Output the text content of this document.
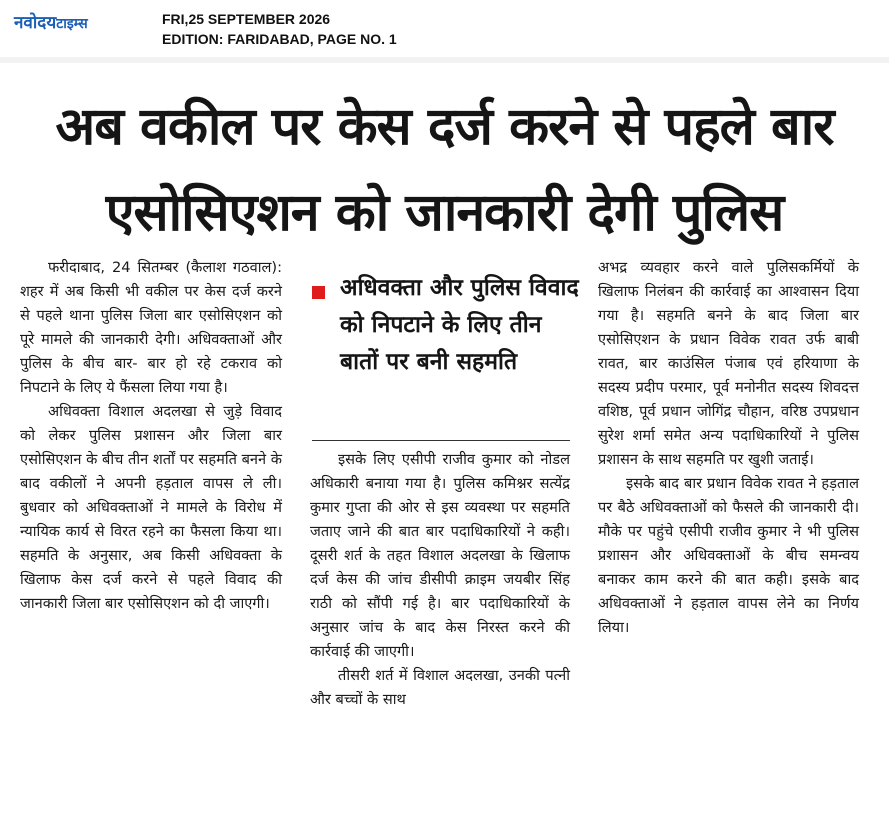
नवोदयटाइम्स	FRI,25 SEPTEMBER 2026
EDITION: FARIDABAD, PAGE NO. 1
अब वकील पर केस दर्ज करने से पहले बार
एसोसिएशन को जानकारी देगी पुलिस

फरीदाबाद, 24 सितम्बर (कैलाश गठवाल): शहर में अब किसी भी वकील पर केस दर्ज करने से पहले थाना पुलिस जिला बार एसोसिएशन को पूरे मामले की जानकारी देगी। अधिवक्ताओं और पुलिस के बीच बार- बार हो रहे टकराव को निपटाने के लिए ये फैंसला लिया गया है।

अधिवक्ता विशाल अदलखा से जुड़े विवाद को लेकर पुलिस प्रशासन और जिला बार एसोसिएशन के बीच तीन शर्तों पर सहमति बनने के बाद वकीलों ने अपनी हड़ताल वापस ले ली। बुधवार को अधिवक्ताओं ने मामले के विरोध में न्यायिक कार्य से विरत रहने का फैसला किया था।सहमति के अनुसार, अब किसी अधिवक्ता के खिलाफ केस दर्ज करने से पहले विवाद की जानकारी जिला बार एसोसिएशन को दी जाएगी।

अधिवक्ता और पुलिस विवाद को निपटाने के लिए तीन बातों पर बनी सहमति

इसके लिए एसीपी राजीव कुमार को नोडल अधिकारी बनाया गया है। पुलिस कमिश्नर सत्येंद्र कुमार गुप्ता की ओर से इस व्यवस्था पर सहमति जताए जाने की बात बार पदाधिकारियों ने कही। दूसरी शर्त के तहत विशाल अदलखा के खिलाफ दर्ज केस की जांच डीसीपी क्राइम जयबीर सिंह राठी को सौंपी गई है। बार पदाधिकारियों के अनुसार जांच के बाद केस निरस्त करने की कार्रवाई की जाएगी।

तीसरी शर्त में विशाल अदलखा, उनकी पत्नी और बच्चों के साथ

अभद्र व्यवहार करने वाले पुलिसकर्मियों के खिलाफ निलंबन की कार्रवाई का आश्वासन दिया गया है। सहमति बनने के बाद जिला बार एसोसिएशन के प्रधान विवेक रावत उर्फ बाबी रावत, बार काउंसिल पंजाब एवं हरियाणा के सदस्य प्रदीप परमार, पूर्व मनोनीत सदस्य शिवदत्त वशिष्ठ, पूर्व प्रधान जोगिंद्र चौहान, वरिष्ठ उपप्रधान सुरेश शर्मा समेत अन्य पदाधिकारियों ने पुलिस प्रशासन के साथ सहमति पर खुशी जताई।

इसके बाद बार प्रधान विवेक रावत ने हड़ताल पर बैठे अधिवक्ताओं को फैसले की जानकारी दी। मौके पर पहुंचे एसीपी राजीव कुमार ने भी पुलिस प्रशासन और अधिवक्ताओं के बीच समन्वय बनाकर काम करने की बात कही। इसके बाद अधिवक्ताओं ने हड़ताल वापस लेने का निर्णय लिया।
